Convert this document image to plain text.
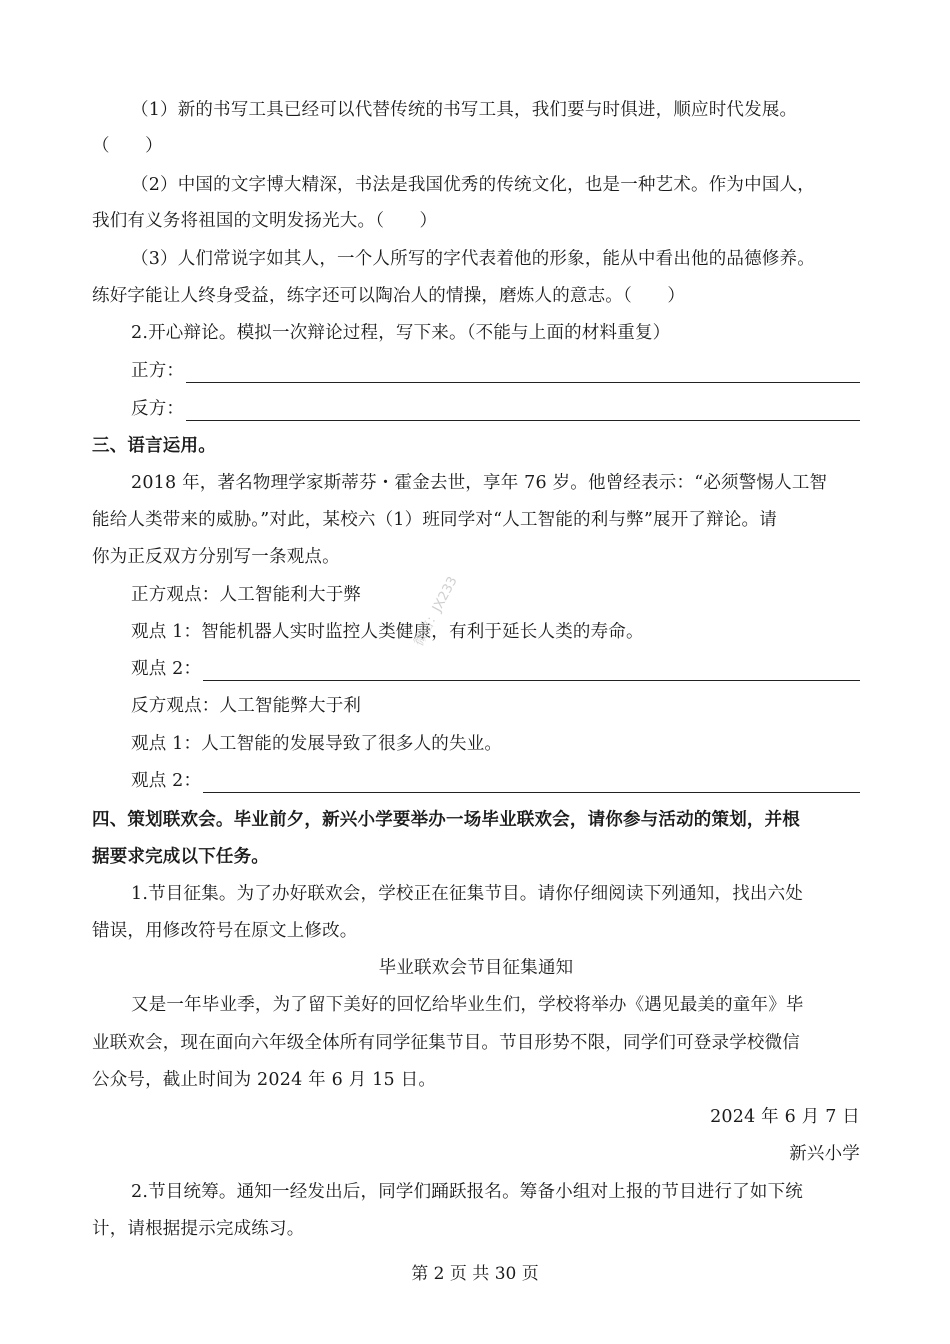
（1）新的书写工具已经可以代替传统的书写工具，我们要与时俱进，顺应时代发展。
（　　）
（2）中国的文字博大精深，书法是我国优秀的传统文化，也是一种艺术。作为中国人，
我们有义务将祖国的文明发扬光大。（　　）
（3）人们常说字如其人，一个人所写的字代表着他的形象，能从中看出他的品德修养。
练好字能让人终身受益，练字还可以陶冶人的情操，磨炼人的意志。（　　）
2.开心辩论。模拟一次辩论过程，写下来。（不能与上面的材料重复）
正方：
反方：
三、语言运用。
2018 年，著名物理学家斯蒂芬・霍金去世，享年 76 岁。他曾经表示：“必须警惕人工智
能给人类带来的威胁。”对此，某校六（1）班同学对“人工智能的利与弊”展开了辩论。请
你为正反双方分别写一条观点。
正方观点：人工智能利大于弊
观点 1：智能机器人实时监控人类健康，有利于延长人类的寿命。
观点 2：
反方观点：人工智能弊大于利
观点 1：人工智能的发展导致了很多人的失业。
观点 2：
四、策划联欢会。毕业前夕，新兴小学要举办一场毕业联欢会，请你参与活动的策划，并根
据要求完成以下任务。
1.节目征集。为了办好联欢会，学校正在征集节目。请你仔细阅读下列通知，找出六处
错误，用修改符号在原文上修改。
毕业联欢会节目征集通知
又是一年毕业季，为了留下美好的回忆给毕业生们，学校将举办《遇见最美的童年》毕
业联欢会，现在面向六年级全体所有同学征集节目。节目形势不限，同学们可登录学校微信
公众号，截止时间为 2024 年 6 月 15 日。
2024 年 6 月 7 日
新兴小学
2.节目统筹。通知一经发出后，同学们踊跃报名。筹备小组对上报的节目进行了如下统
计，请根据提示完成练习。
微信：JX233
第 2 页 共 30 页
